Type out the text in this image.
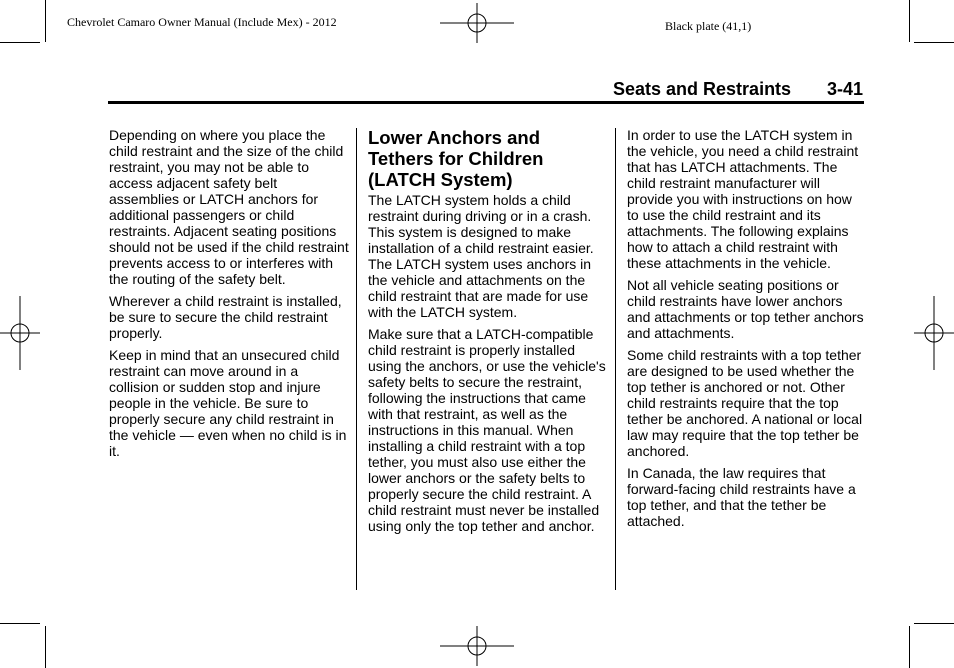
Chevrolet Camaro Owner Manual (Include Mex) - 2012	Black plate (41,1)
Seats and Restraints 3-41

Depending on where you place the child restraint and the size of the child restraint, you may not be able to access adjacent safety belt assemblies or LATCH anchors for additional passengers or child restraints. Adjacent seating positions should not be used if the child restraint prevents access to or interferes with the routing of the safety belt.

Wherever a child restraint is installed, be sure to secure the child restraint properly.

Keep in mind that an unsecured child restraint can move around in a collision or sudden stop and injure people in the vehicle. Be sure to properly secure any child restraint in the vehicle — even when no child is in it.

Lower Anchors and Tethers for Children (LATCH System)

The LATCH system holds a child restraint during driving or in a crash. This system is designed to make installation of a child restraint easier. The LATCH system uses anchors in the vehicle and attachments on the child restraint that are made for use with the LATCH system.

Make sure that a LATCH-compatible child restraint is properly installed using the anchors, or use the vehicle's safety belts to secure the restraint, following the instructions that came with that restraint, as well as the instructions in this manual. When installing a child restraint with a top tether, you must also use either the lower anchors or the safety belts to properly secure the child restraint. A child restraint must never be installed using only the top tether and anchor.

In order to use the LATCH system in the vehicle, you need a child restraint that has LATCH attachments. The child restraint manufacturer will provide you with instructions on how to use the child restraint and its attachments. The following explains how to attach a child restraint with these attachments in the vehicle.

Not all vehicle seating positions or child restraints have lower anchors and attachments or top tether anchors and attachments.

Some child restraints with a top tether are designed to be used whether the top tether is anchored or not. Other child restraints require that the top tether be anchored. A national or local law may require that the top tether be anchored.

In Canada, the law requires that forward-facing child restraints have a top tether, and that the tether be attached.
